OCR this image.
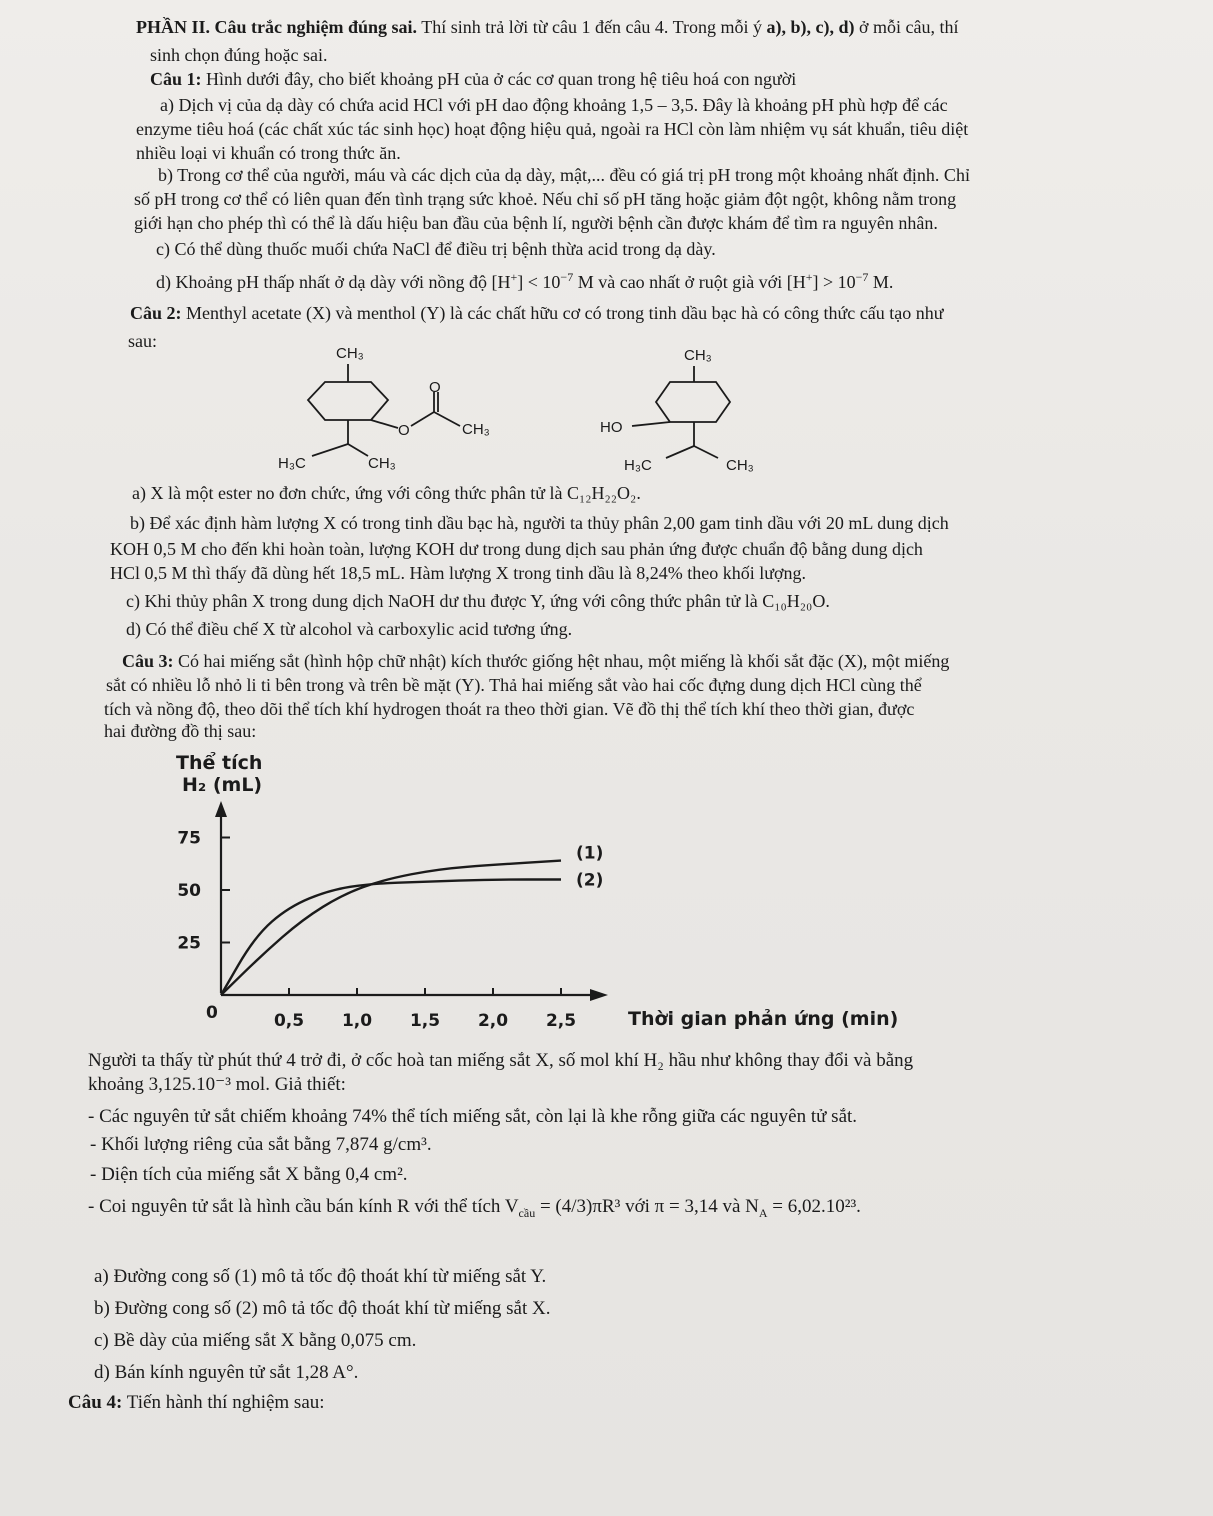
PHẦN II. Câu trắc nghiệm đúng sai. Thí sinh trả lời từ câu 1 đến câu 4. Trong mỗi ý a), b), c), d) ở mỗi câu, thí
sinh chọn đúng hoặc sai.
Câu 1: Hình dưới đây, cho biết khoảng pH của ở các cơ quan trong hệ tiêu hoá con người
a) Dịch vị của dạ dày có chứa acid HCl với pH dao động khoảng 1,5 – 3,5. Đây là khoảng pH phù hợp để các
enzyme tiêu hoá (các chất xúc tác sinh học) hoạt động hiệu quả, ngoài ra HCl còn làm nhiệm vụ sát khuẩn, tiêu diệt
nhiều loại vi khuẩn có trong thức ăn.
b) Trong cơ thể của người, máu và các dịch của dạ dày, mật,... đều có giá trị pH trong một khoảng nhất định. Chỉ
số pH trong cơ thể có liên quan đến tình trạng sức khoẻ. Nếu chỉ số pH tăng hoặc giảm đột ngột, không nằm trong
giới hạn cho phép thì có thể là dấu hiệu ban đầu của bệnh lí, người bệnh cần được khám để tìm ra nguyên nhân.
c) Có thể dùng thuốc muối chứa NaCl để điều trị bệnh thừa acid trong dạ dày.
d) Khoảng pH thấp nhất ở dạ dày với nồng độ $[H^+] < 10^{-7}$ M và cao nhất ở ruột già với $[H^+] > 10^{-7}$ M.
Câu 2: Menthyl acetate (X) và menthol (Y) là các chất hữu cơ có trong tinh dầu bạc hà có công thức cấu tạo như
sau:
CH₃
O
O
CH₃
H₃C	CH₃
CH₃
HO
H₃C	CH₃
a) X là một ester no đơn chức, ứng với công thức phân tử là C₁₂H₂₂O₂.
b) Để xác định hàm lượng X có trong tinh dầu bạc hà, người ta thủy phân 2,00 gam tinh dầu với 20 mL dung dịch
KOH 0,5 M cho đến khi hoàn toàn, lượng KOH dư trong dung dịch sau phản ứng được chuẩn độ bằng dung dịch
HCl 0,5 M thì thấy đã dùng hết 18,5 mL. Hàm lượng X trong tinh dầu là 8,24% theo khối lượng.
c) Khi thủy phân X trong dung dịch NaOH dư thu được Y, ứng với công thức phân tử là C₁₀H₂₀O.
d) Có thể điều chế X từ alcohol và carboxylic acid tương ứng.
Câu 3: Có hai miếng sắt (hình hộp chữ nhật) kích thước giống hệt nhau, một miếng là khối sắt đặc (X), một miếng
sắt có nhiều lỗ nhỏ li ti bên trong và trên bề mặt (Y). Thả hai miếng sắt vào hai cốc đựng dung dịch HCl cùng thể
tích và nồng độ, theo dõi thể tích khí hydrogen thoát ra theo thời gian. Vẽ đồ thị thể tích khí theo thời gian, được
hai đường đồ thị sau:
Thể tích
H₂ (mL)
Thời gian phản ứng (min)
0	0,5 1,0 1,5 2,0 2,5
25
50
75
(1)
(2)
Người ta thấy từ phút thứ 4 trở đi, ở cốc hoà tan miếng sắt X, số mol khí H₂ hầu như không thay đổi và bằng
khoảng 3,125.10⁻³ mol. Giả thiết:
- Các nguyên tử sắt chiếm khoảng 74% thể tích miếng sắt, còn lại là khe rỗng giữa các nguyên tử sắt.
- Khối lượng riêng của sắt bằng 7,874 g/cm³.
- Diện tích của miếng sắt X bằng 0,4 cm².
- Coi nguyên tử sắt là hình cầu bán kính R với thể tích $V_{cầu} = (4/3)\pi R^3$ với π = 3,14 và $N_A = 6,02.10^{23}$.
a) Đường cong số (1) mô tả tốc độ thoát khí từ miếng sắt Y.
b) Đường cong số (2) mô tả tốc độ thoát khí từ miếng sắt X.
c) Bề dày của miếng sắt X bằng 0,075 cm.
d) Bán kính nguyên tử sắt 1,28 A°.
Câu 4: Tiến hành thí nghiệm sau:
